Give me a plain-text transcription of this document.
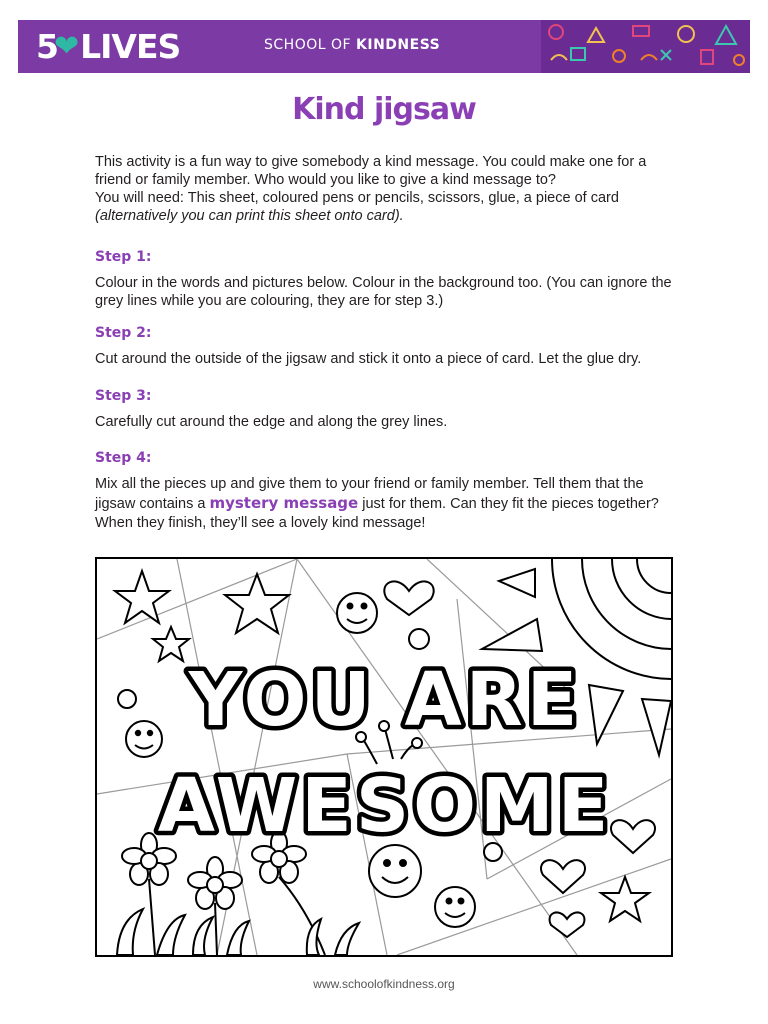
5
❤ LIVES	SCHOOL OF KINDNESS
Kind jigsaw

This activity is a fun way to give somebody a kind message. You could make one for a friend or family member. Who would you like to give a kind message to?
You will need: This sheet, coloured pens or pencils, scissors, glue, a piece of card
(alternatively you can print this sheet onto card).

Step 1:

Colour in the words and pictures below. Colour in the background too. (You can ignore the grey lines while you are colouring, they are for step 3.)

Step 2:

Cut around the outside of the jigsaw and stick it onto a piece of card. Let the glue dry.

Step 3:

Carefully cut around the edge and along the grey lines.

Step 4:

Mix all the pieces up and give them to your friend or family member. Tell them that the jigsaw contains a mystery message just for them. Can they fit the pieces together? When they finish, they’ll see a lovely kind message!

YOU ARE
AWESOME
www.schoolofkindness.org
